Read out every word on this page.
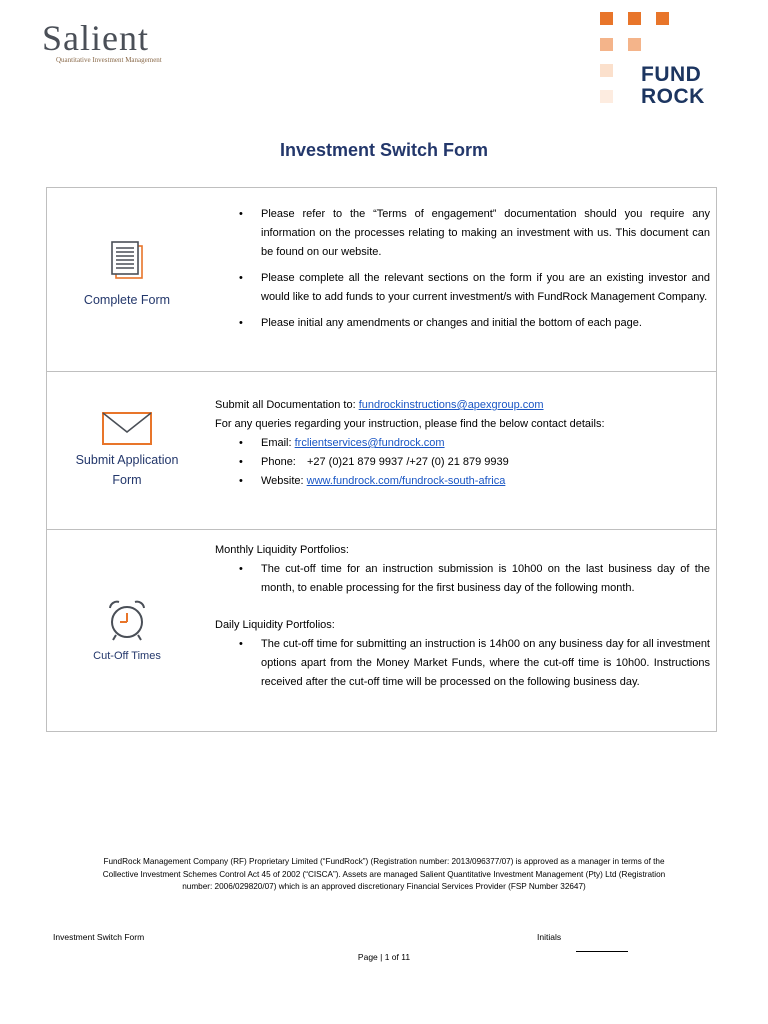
Salient
Quantitative Investment Management
FUND
ROCK
Investment Switch Form
Complete Form
• Please refer to the “Terms of engagement” documentation should you require any information on the processes relating to making an investment with us. This document can be found on our website.
• Please complete all the relevant sections on the form if you are an existing investor and would like to add funds to your current investment/s with FundRock Management Company.
• Please initial any amendments or changes and initial the bottom of each page.
Submit Application
Form
Submit all Documentation to: fundrockinstructions@apexgroup.com
For any queries regarding your instruction, please find the below contact details:
• Email: frclientservices@fundrock.com
• Phone: +27 (0)21 879 9937 /+27 (0) 21 879 9939
• Website: www.fundrock.com/fundrock-south-africa
Cut-Off Times
Monthly Liquidity Portfolios:
• The cut-off time for an instruction submission is 10h00 on the last business day of the month, to enable processing for the first business day of the following month.
Daily Liquidity Portfolios:
• The cut-off time for submitting an instruction is 14h00 on any business day for all investment options apart from the Money Market Funds, where the cut-off time is 10h00. Instructions received after the cut-off time will be processed on the following business day.
FundRock Management Company (RF) Proprietary Limited (“FundRock”) (Registration number: 2013/096377/07) is approved as a manager in terms of the
Collective Investment Schemes Control Act 45 of 2002 (“CISCA”). Assets are managed Salient Quantitative Investment Management (Pty) Ltd (Registration
number: 2006/029820/07) which is an approved discretionary Financial Services Provider (FSP Number 32647)
Investment Switch Form	Initials
Page | 1 of 11
